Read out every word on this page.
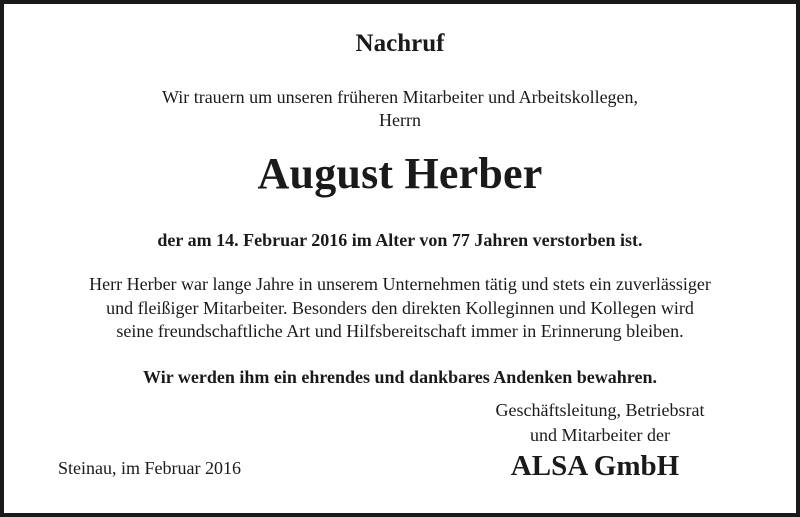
Nachruf
Wir trauern um unseren früheren Mitarbeiter und Arbeitskollegen,
Herrn
August Herber
der am 14. Februar 2016 im Alter von 77 Jahren verstorben ist.
Herr Herber war lange Jahre in unserem Unternehmen tätig und stets ein zuverlässiger
und fleißiger Mitarbeiter. Besonders den direkten Kolleginnen und Kollegen wird
seine freundschaftliche Art und Hilfsbereitschaft immer in Erinnerung bleiben.
Wir werden ihm ein ehrendes und dankbares Andenken bewahren.
Geschäftsleitung, Betriebsrat
und Mitarbeiter der
ALSA GmbH
Steinau, im Februar 2016
